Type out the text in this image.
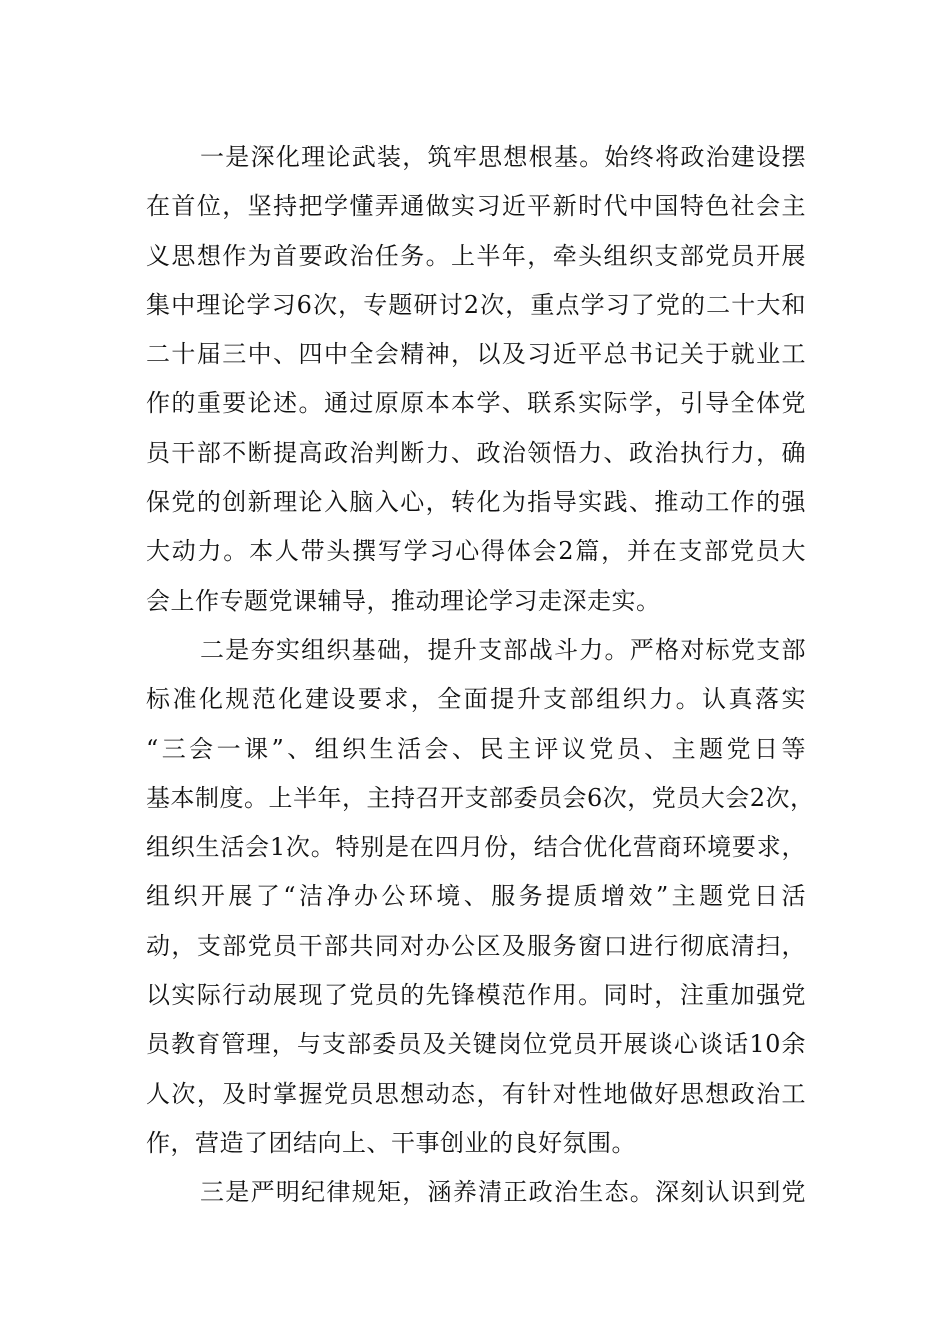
一是深化理论武装，筑牢思想根基。始终将政治建设摆
在首位，坚持把学懂弄通做实习近平新时代中国特色社会主
义思想作为首要政治任务。上半年，牵头组织支部党员开展
集中理论学习6次，专题研讨2次，重点学习了党的二十大和
二十届三中、四中全会精神，以及习近平总书记关于就业工
作的重要论述。通过原原本本学、联系实际学，引导全体党
员干部不断提高政治判断力、政治领悟力、政治执行力，确
保党的创新理论入脑入心，转化为指导实践、推动工作的强
大动力。本人带头撰写学习心得体会2篇，并在支部党员大
会上作专题党课辅导，推动理论学习走深走实。
二是夯实组织基础，提升支部战斗力。严格对标党支部
标准化规范化建设要求，全面提升支部组织力。认真落实
“三会一课”、组织生活会、民主评议党员、主题党日等
基本制度。上半年，主持召开支部委员会6次，党员大会2次，
组织生活会1次。特别是在四月份，结合优化营商环境要求，
组织开展了“洁净办公环境、服务提质增效”主题党日活
动，支部党员干部共同对办公区及服务窗口进行彻底清扫，
以实际行动展现了党员的先锋模范作用。同时，注重加强党
员教育管理，与支部委员及关键岗位党员开展谈心谈话10余
人次，及时掌握党员思想动态，有针对性地做好思想政治工
作，营造了团结向上、干事创业的良好氛围。
三是严明纪律规矩，涵养清正政治生态。深刻认识到党
